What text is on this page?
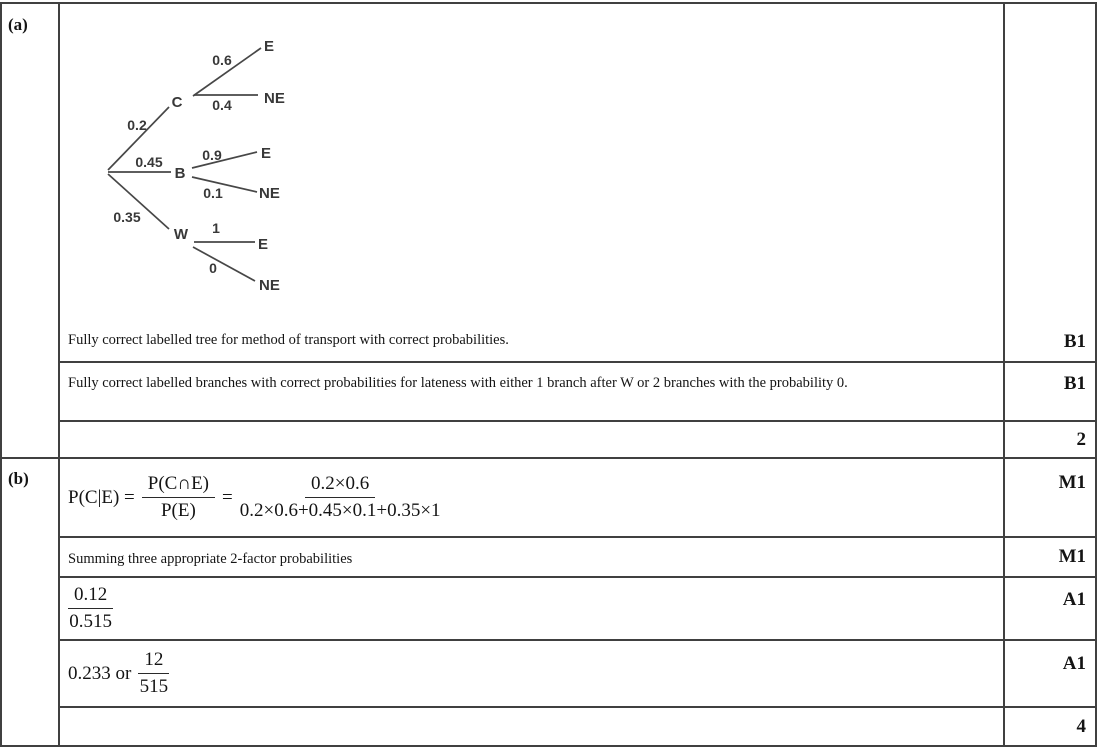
(a)
0.2
0.45
0.35
C
B
W
0.6
E
0.4 NE
0.9	E
0.1 NE
1
E
0
NE
Fully correct labelled tree for method of transport with correct probabilities.	B1
Fully correct labelled branches with correct probabilities for lateness with either 1 branch after W or 2 branches with the probability 0.	B1
2
(b)
$P(C|E) = \frac{P(C\cap E)}{P(E)} = \frac{0.2\times 0.6}{0.2\times 0.6+0.45\times 0.1+0.35\times 1}$	M1
Summing three appropriate 2-factor probabilities	M1
$\frac{0.12}{0.515}$	A1
0.233 or $\frac{12}{515}$	A1
4
